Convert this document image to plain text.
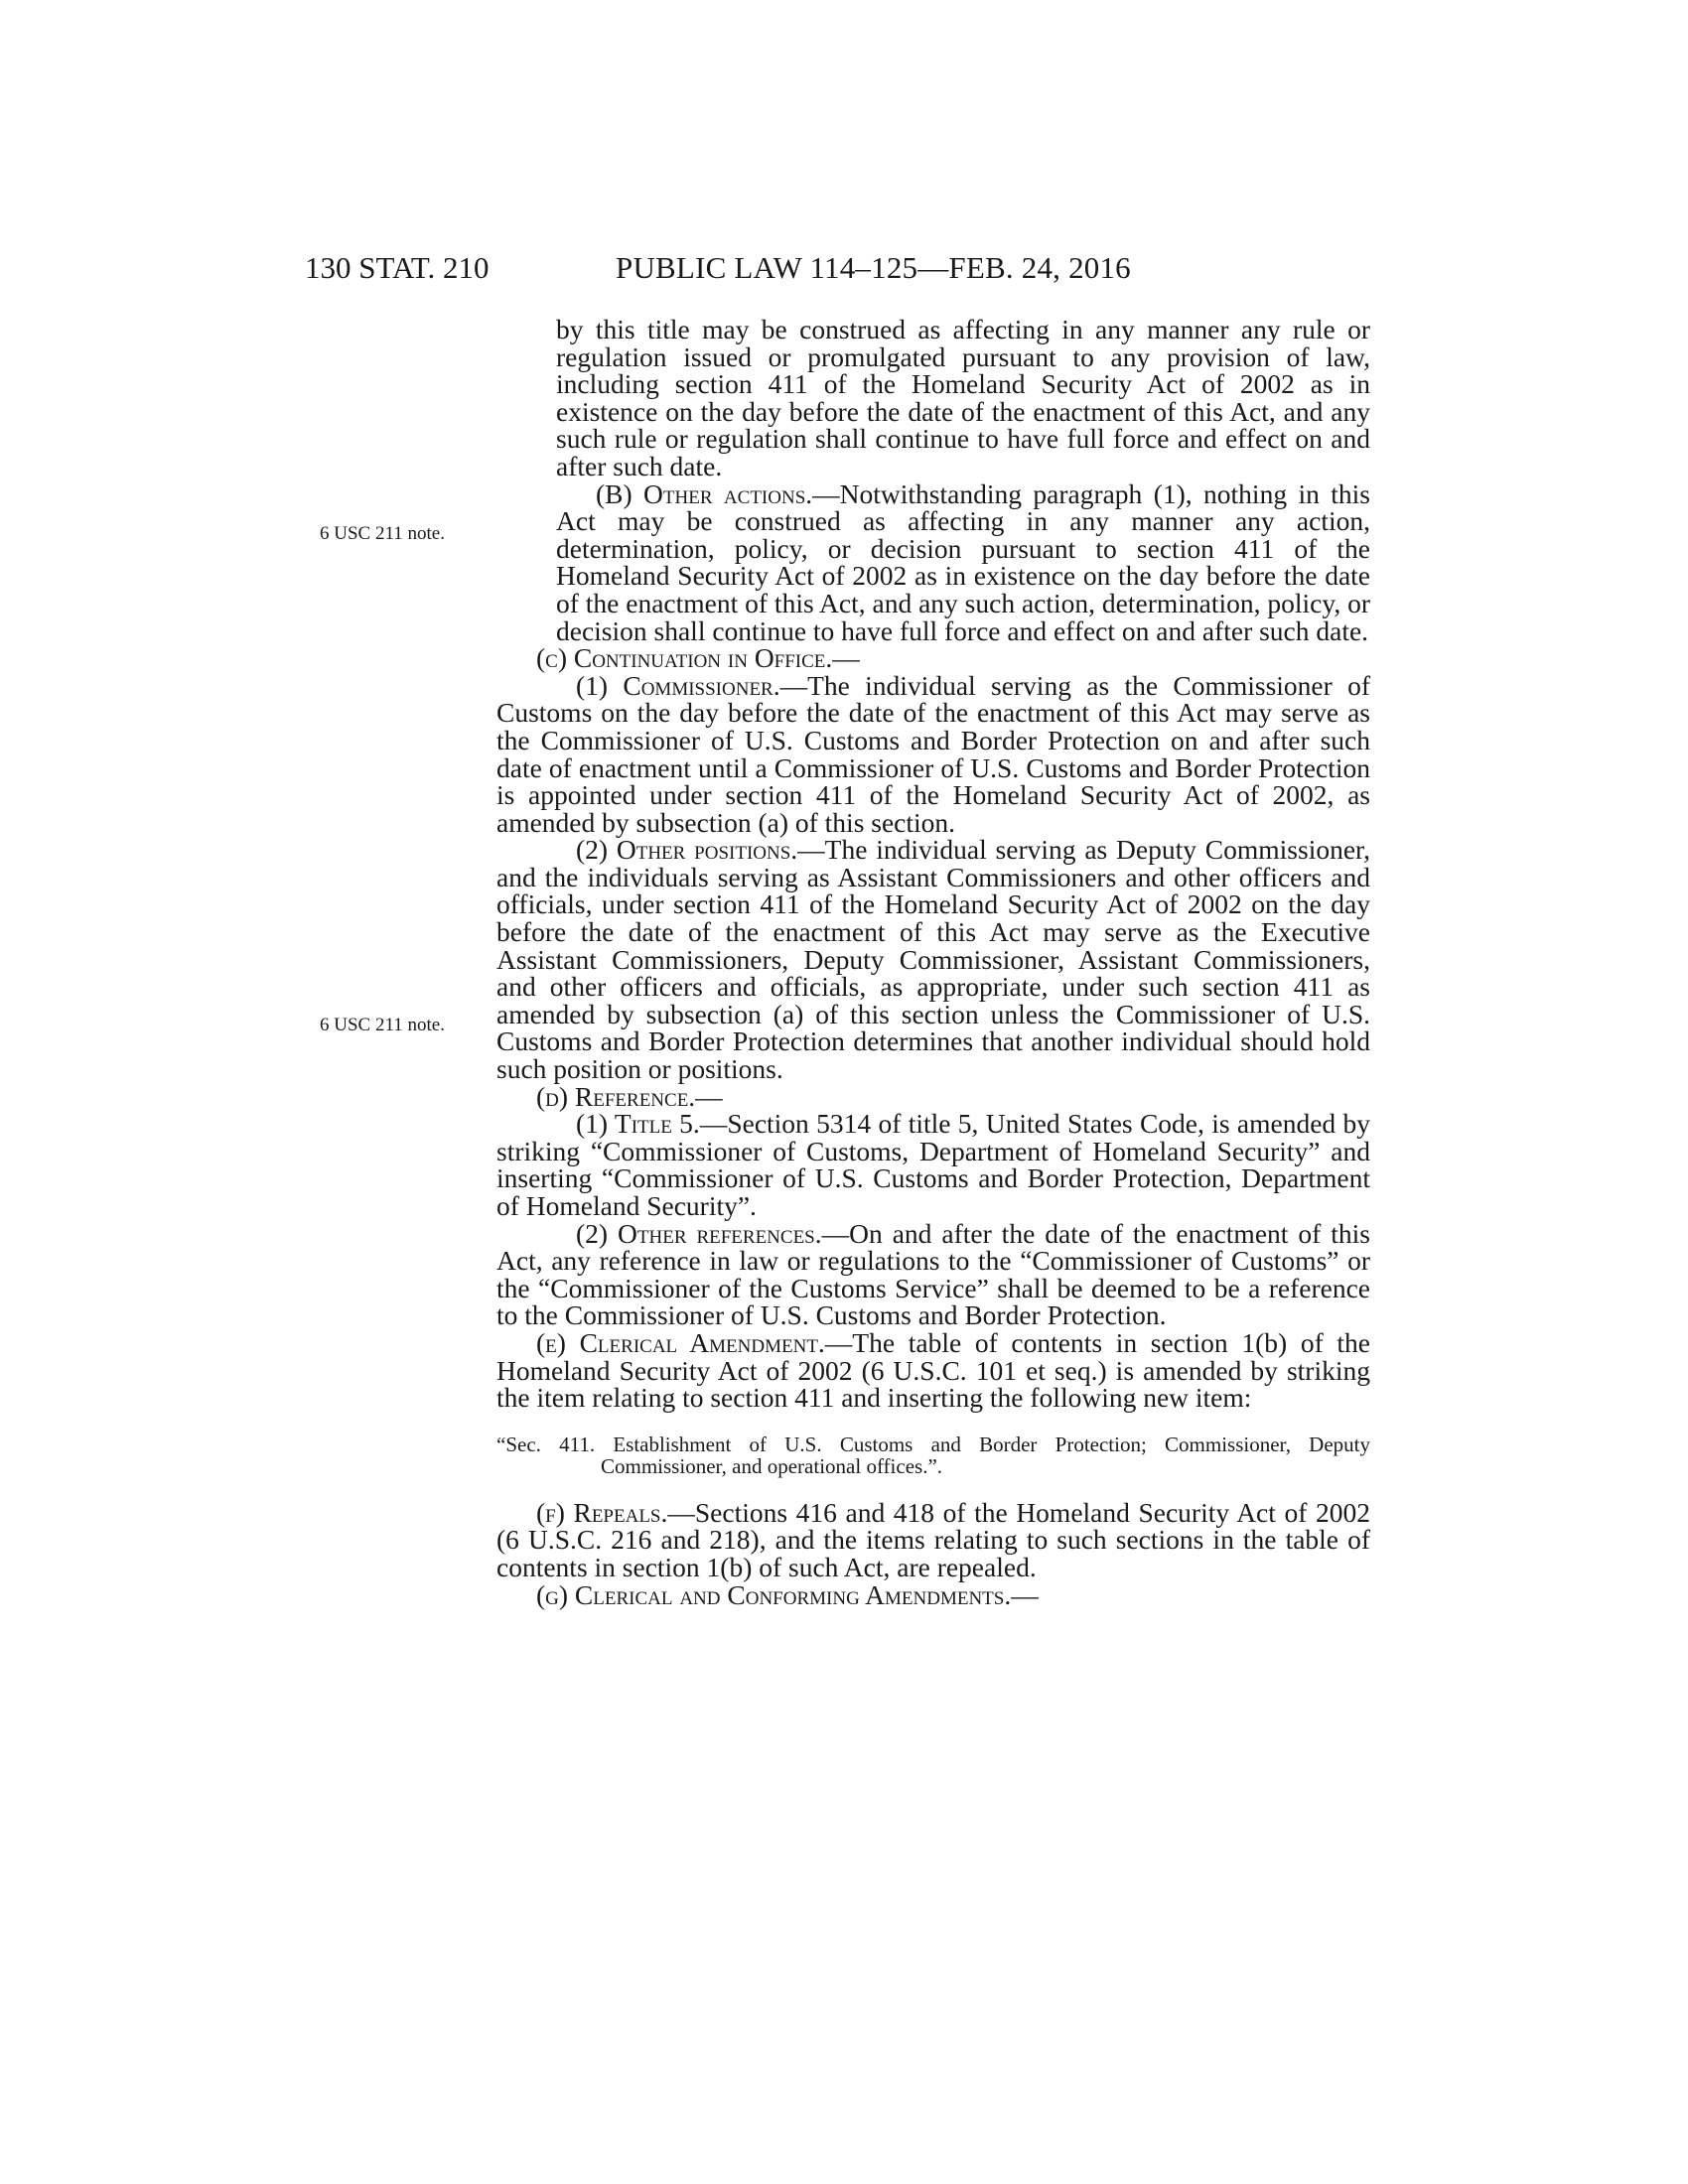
130 STAT. 210	PUBLIC LAW 114–125—FEB. 24, 2016
6 USC 211 note.
6 USC 211 note.

by this title may be construed as affecting in any manner any rule or regulation issued or promulgated pursuant to any provision of law, including section 411 of the Homeland Security Act of 2002 as in existence on the day before the date of the enactment of this Act, and any such rule or regulation shall continue to have full force and effect on and after such date.

(B) Other actions.—Notwithstanding paragraph (1), nothing in this Act may be construed as affecting in any manner any action, determination, policy, or decision pursuant to section 411 of the Homeland Security Act of 2002 as in existence on the day before the date of the enactment of this Act, and any such action, determination, policy, or decision shall continue to have full force and effect on and after such date.

(c) Continuation in Office.—

(1) Commissioner.—The individual serving as the Commissioner of Customs on the day before the date of the enactment of this Act may serve as the Commissioner of U.S. Customs and Border Protection on and after such date of enactment until a Commissioner of U.S. Customs and Border Protection is appointed under section 411 of the Homeland Security Act of 2002, as amended by subsection (a) of this section.

(2) Other positions.—The individual serving as Deputy Commissioner, and the individuals serving as Assistant Commissioners and other officers and officials, under section 411 of the Homeland Security Act of 2002 on the day before the date of the enactment of this Act may serve as the Executive Assistant Commissioners, Deputy Commissioner, Assistant Commissioners, and other officers and officials, as appropriate, under such section 411 as amended by subsection (a) of this section unless the Commissioner of U.S. Customs and Border Protection determines that another individual should hold such position or positions.

(d) Reference.—

(1) Title 5.—Section 5314 of title 5, United States Code, is amended by striking “Commissioner of Customs, Department of Homeland Security” and inserting “Commissioner of U.S. Customs and Border Protection, Department of Homeland Security”.

(2) Other references.—On and after the date of the enactment of this Act, any reference in law or regulations to the “Commissioner of Customs” or the “Commissioner of the Customs Service” shall be deemed to be a reference to the Commissioner of U.S. Customs and Border Protection.

(e) Clerical Amendment.—The table of contents in section 1(b) of the Homeland Security Act of 2002 (6 U.S.C. 101 et seq.) is amended by striking the item relating to section 411 and inserting the following new item:

“Sec. 411. Establishment of U.S. Customs and Border Protection; Commissioner, Deputy Commissioner, and operational offices.”.

(f) Repeals.—Sections 416 and 418 of the Homeland Security Act of 2002 (6 U.S.C. 216 and 218), and the items relating to such sections in the table of contents in section 1(b) of such Act, are repealed.

(g) Clerical and Conforming Amendments.—
